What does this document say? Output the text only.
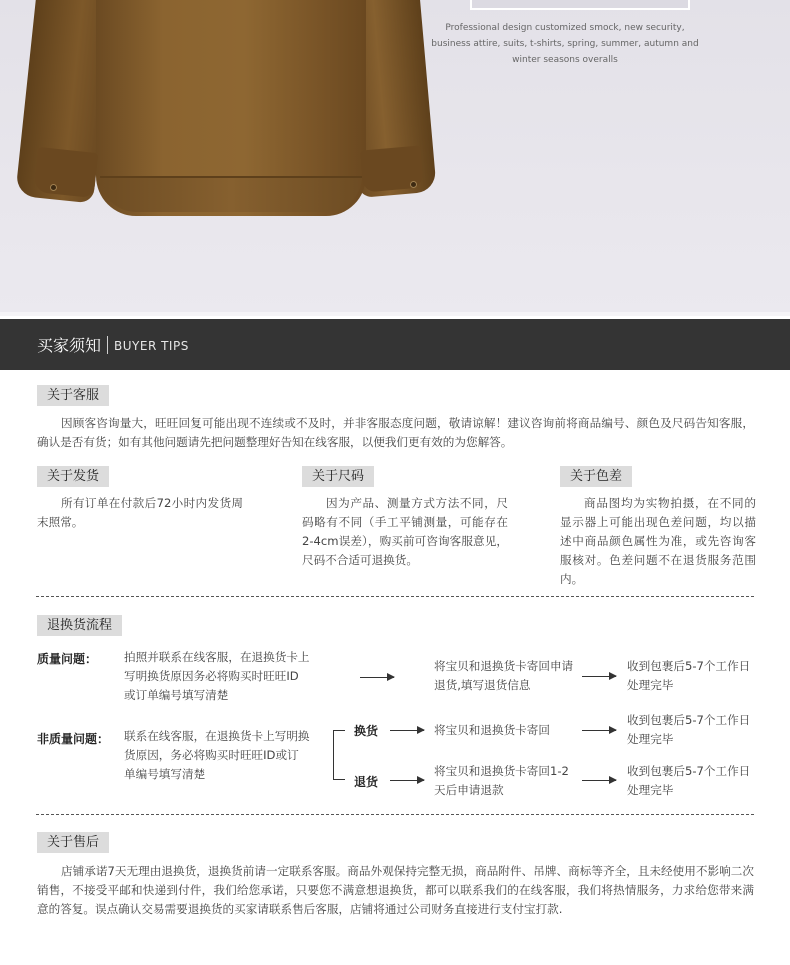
Professional design customized smock, new security, business attire, suits, t-shirts, spring, summer, autumn and winter seasons overalls
买家须知 BUYER TIPS
关于客服
因顾客咨询量大，旺旺回复可能出现不连续或不及时，并非客服态度问题，敬请谅解！建议咨询前将商品编号、颜色及尺码告知客服，确认是否有货；如有其他问题请先把问题整理好告知在线客服，以便我们更有效的为您解答。
关于发货
所有订单在付款后72小时内发货周末照常。
关于尺码
因为产品、测量方式方法不同，尺码略有不同（手工平铺测量，可能存在2-4cm误差），购买前可咨询客服意见，尺码不合适可退换货。
关于色差
商品图均为实物拍摄，在不同的显示器上可能出现色差问题，均以描述中商品颜色属性为准，或先咨询客服核对。色差问题不在退货服务范围内。
退换货流程
质量问题： 拍照并联系在线客服，在退换货卡上写明换货原因务必将购买时旺旺ID或订单编号填写清楚
将宝贝和退换货卡寄回申请退货,填写退货信息
收到包裹后5-7个工作日处理完毕
非质量问题： 联系在线客服，在退换货卡上写明换货原因，务必将购买时旺旺ID或订单编号填写清楚
换货	将宝贝和退换货卡寄回
收到包裹后5-7个工作日处理完毕
退货
将宝贝和退换货卡寄回1-2天后申请退款
收到包裹后5-7个工作日处理完毕
关于售后
店铺承诺7天无理由退换货，退换货前请一定联系客服。商品外观保持完整无损，商品附件、吊牌、商标等齐全，且未经使用不影响二次销售，不接受平邮和快递到付件，我们给您承诺，只要您不满意想退换货，都可以联系我们的在线客服，我们将热情服务，力求给您带来满意的答复。误点确认交易需要退换货的买家请联系售后客服，店铺将通过公司财务直接进行支付宝打款.
